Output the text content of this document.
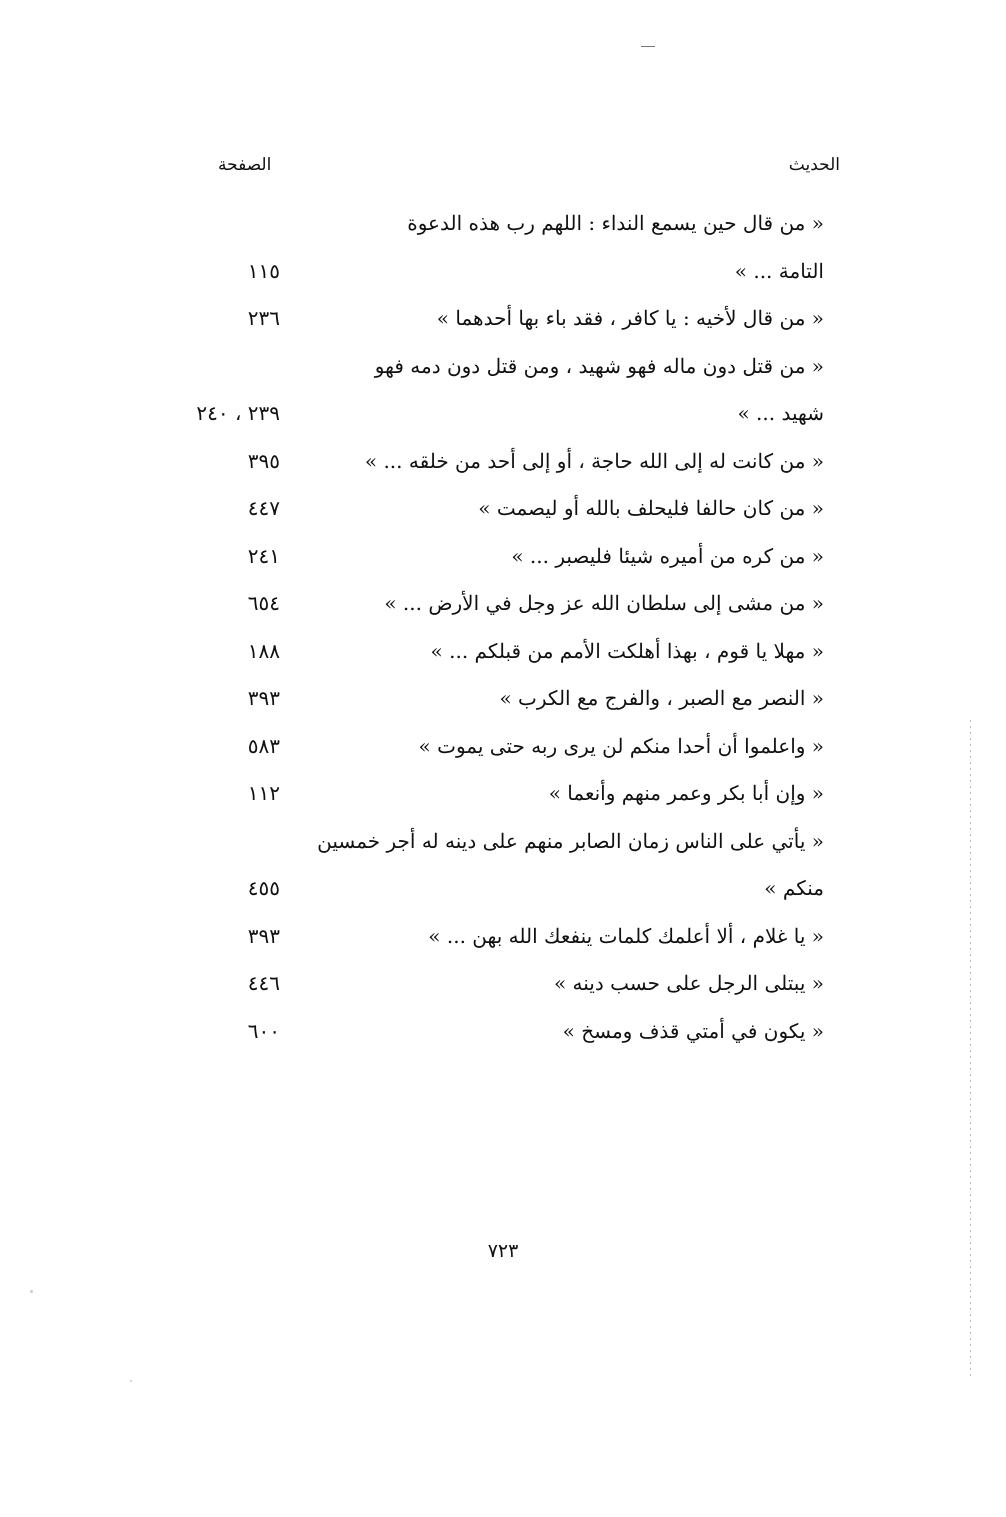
الحديث
الصفحة
« من قال حين يسمع النداء : اللهم رب هذه الدعوة
التامة ... »
١١٥
« من قال لأخيه : يا كافر ، فقد باء بها أحدهما »
٢٣٦
« من قتل دون ماله فهو شهيد ، ومن قتل دون دمه فهو
شهيد ... »
٢٣٩ ، ٢٤٠
« من كانت له إلى الله حاجة ، أو إلى أحد من خلقه ... »
٣٩٥
« من كان حالفا فليحلف بالله أو ليصمت »
٤٤٧
« من كره من أميره شيئا فليصبر ... »
٢٤١
« من مشى إلى سلطان الله عز وجل في الأرض ... »
٦٥٤
« مهلا يا قوم ، بهذا أهلكت الأمم من قبلكم ... »
١٨٨
« النصر مع الصبر ، والفرج مع الكرب »
٣٩٣
« واعلموا أن أحدا منكم لن يرى ربه حتى يموت »
٥٨٣
« وإن أبا بكر وعمر منهم وأنعما »
١١٢
« يأتي على الناس زمان الصابر منهم على دينه له أجر خمسين
منكم »
٤٥٥
« يا غلام ، ألا أعلمك كلمات ينفعك الله بهن ... »
٣٩٣
« يبتلى الرجل على حسب دينه »
٤٤٦
« يكون في أمتي قذف ومسخ »
٦٠٠
٧٢٣
